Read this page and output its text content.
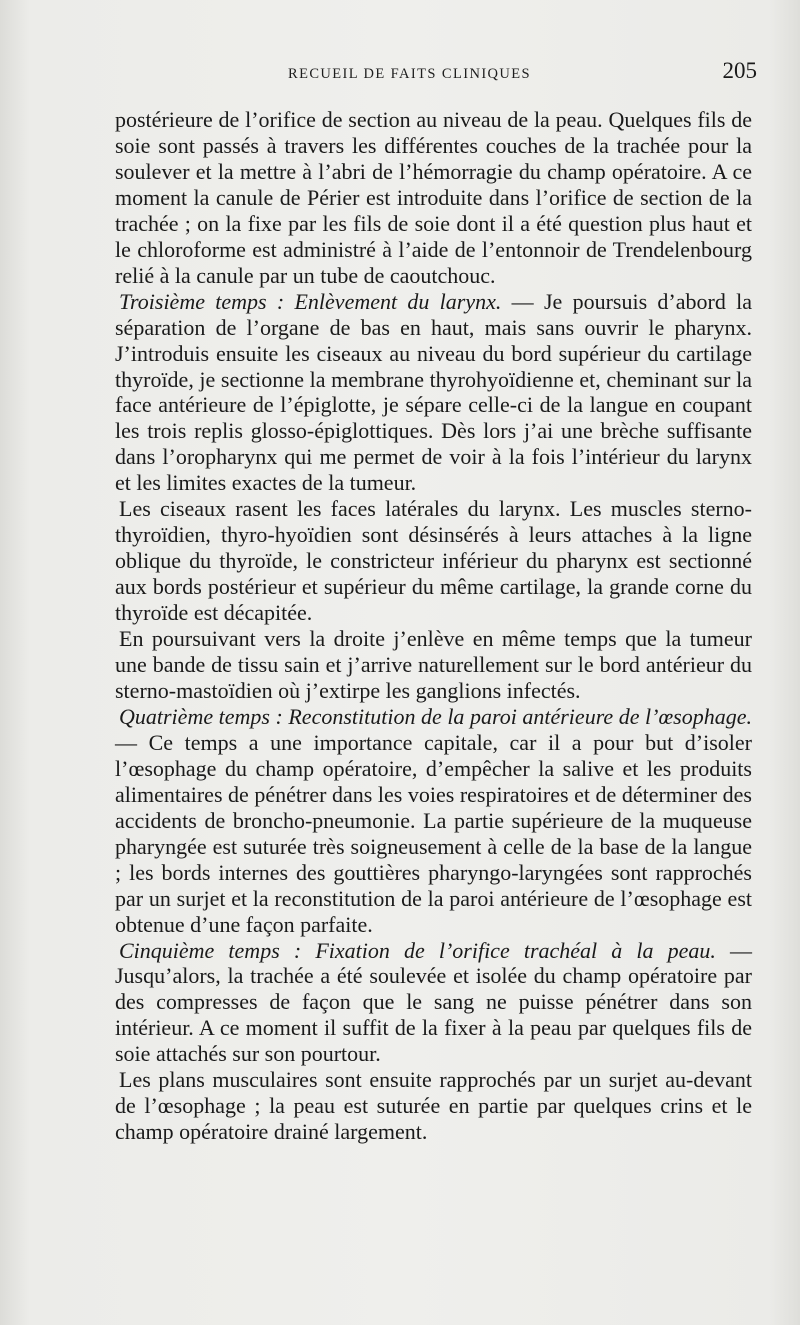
RECUEIL DE FAITS CLINIQUES	205

postérieure de l’orifice de section au niveau de la peau. Quelques fils de soie sont passés à travers les différentes couches de la trachée pour la soulever et la mettre à l’abri de l’hémorragie du champ opératoire. A ce moment la canule de Périer est introduite dans l’orifice de section de la trachée ; on la fixe par les fils de soie dont il a été question plus haut et le chloroforme est administré à l’aide de l’entonnoir de Trendelenbourg relié à la canule par un tube de caoutchouc.

Troisième temps : Enlèvement du larynx. — Je poursuis d’abord la séparation de l’organe de bas en haut, mais sans ouvrir le pharynx. J’introduis ensuite les ciseaux au niveau du bord supérieur du cartilage thyroïde, je sectionne la membrane thyrohyoïdienne et, cheminant sur la face antérieure de l’épiglotte, je sépare celle-ci de la langue en coupant les trois replis glosso-épiglottiques. Dès lors j’ai une brèche suffisante dans l’oropharynx qui me permet de voir à la fois l’intérieur du larynx et les limites exactes de la tumeur.

Les ciseaux rasent les faces latérales du larynx. Les muscles sterno-thyroïdien, thyro-hyoïdien sont désinsérés à leurs attaches à la ligne oblique du thyroïde, le constricteur inférieur du pharynx est sectionné aux bords postérieur et supérieur du même cartilage, la grande corne du thyroïde est décapitée.

En poursuivant vers la droite j’enlève en même temps que la tumeur une bande de tissu sain et j’arrive naturellement sur le bord antérieur du sterno-mastoïdien où j’extirpe les ganglions infectés.

Quatrième temps : Reconstitution de la paroi antérieure de l’œsophage. — Ce temps a une importance capitale, car il a pour but d’isoler l’œsophage du champ opératoire, d’empêcher la salive et les produits alimentaires de pénétrer dans les voies respiratoires et de déterminer des accidents de broncho-pneumonie. La partie supérieure de la muqueuse pharyngée est suturée très soigneusement à celle de la base de la langue ; les bords internes des gouttières pharyngo-laryngées sont rapprochés par un surjet et la reconstitution de la paroi antérieure de l’œsophage est obtenue d’une façon parfaite.

Cinquième temps : Fixation de l’orifice trachéal à la peau. — Jusqu’alors, la trachée a été soulevée et isolée du champ opératoire par des compresses de façon que le sang ne puisse pénétrer dans son intérieur. A ce moment il suffit de la fixer à la peau par quelques fils de soie attachés sur son pourtour.

Les plans musculaires sont ensuite rapprochés par un surjet au-devant de l’œsophage ; la peau est suturée en partie par quelques crins et le champ opératoire drainé largement.
